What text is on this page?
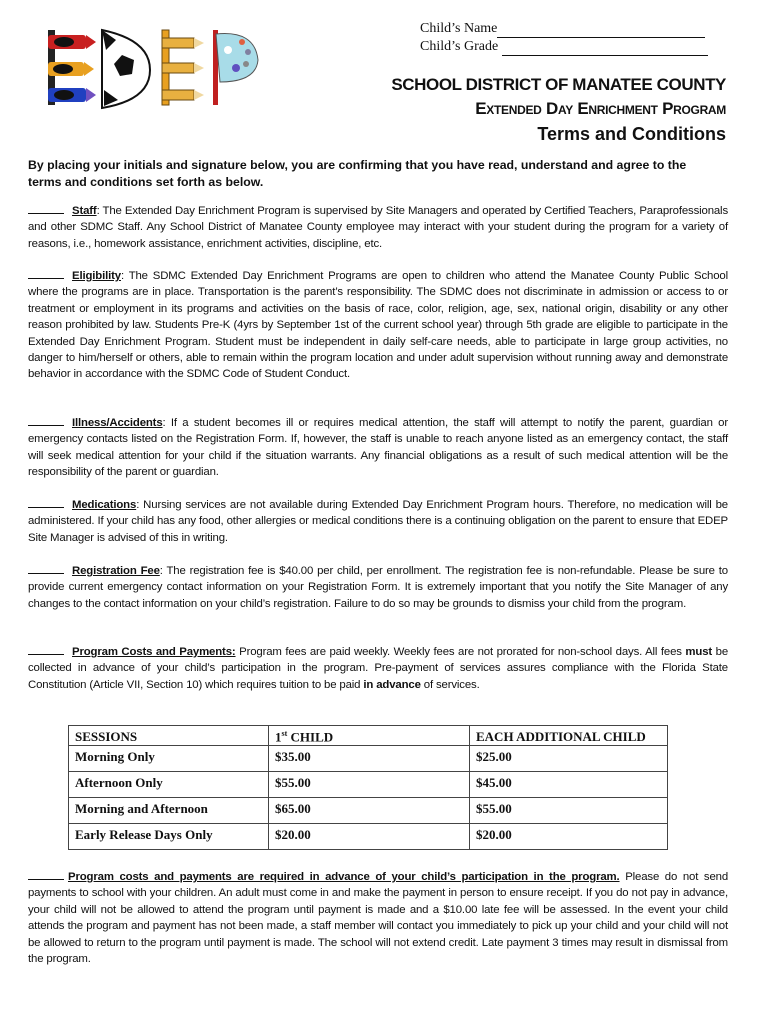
Child’s Name
Child’s Grade
SCHOOL DISTRICT OF MANATEE COUNTY
Extended Day Enrichment Program
Terms and Conditions
By placing your initials and signature below, you are confirming that you have read, understand and agree to the terms and conditions set forth as below.
Staff: The Extended Day Enrichment Program is supervised by Site Managers and operated by Certified Teachers, Paraprofessionals and other SDMC Staff. Any School District of Manatee County employee may interact with your student during the program for a variety of reasons, i.e., homework assistance, enrichment activities, discipline, etc.
Eligibility: The SDMC Extended Day Enrichment Programs are open to children who attend the Manatee County Public School where the programs are in place. Transportation is the parent’s responsibility. The SDMC does not discriminate in admission or access to or treatment or employment in its programs and activities on the basis of race, color, religion, age, sex, national origin, disability or any other reason prohibited by law. Students Pre-K (4yrs by September 1st of the current school year) through 5th grade are eligible to participate in the Extended Day Enrichment Program. Student must be independent in daily self-care needs, able to participate in large group activities, no danger to him/herself or others, able to remain within the program location and under adult supervision without running away and demonstrate behavior in accordance with the SDMC Code of Student Conduct.
Illness/Accidents: If a student becomes ill or requires medical attention, the staff will attempt to notify the parent, guardian or emergency contacts listed on the Registration Form. If, however, the staff is unable to reach anyone listed as an emergency contact, the staff will seek medical attention for your child if the situation warrants. Any financial obligations as a result of such medical attention will be the responsibility of the parent or guardian.
Medications: Nursing services are not available during Extended Day Enrichment Program hours. Therefore, no medication will be administered. If your child has any food, other allergies or medical conditions there is a continuing obligation on the parent to ensure that EDEP Site Manager is advised of this in writing.
Registration Fee: The registration fee is $40.00 per child, per enrollment. The registration fee is non-refundable. Please be sure to provide current emergency contact information on your Registration Form. It is extremely important that you notify the Site Manager of any changes to the contact information on your child’s registration. Failure to do so may be grounds to dismiss your child from the program.
Program Costs and Payments: Program fees are paid weekly. Weekly fees are not prorated for non-school days. All fees must be collected in advance of your child’s participation in the program. Pre-payment of services assures compliance with the Florida State Constitution (Article VII, Section 10) which requires tuition to be paid in advance of services.
SESSIONS	1st CHILD	EACH ADDITIONAL CHILD
Morning Only	$35.00	$25.00
Afternoon Only	$55.00	$45.00
Morning and Afternoon	$65.00	$55.00
Early Release Days Only	$20.00	$20.00
Program costs and payments are required in advance of your child’s participation in the program. Please do not send payments to school with your children. An adult must come in and make the payment in person to ensure receipt. If you do not pay in advance, your child will not be allowed to attend the program until payment is made and a $10.00 late fee will be assessed. In the event your child attends the program and payment has not been made, a staff member will contact you immediately to pick up your child and your child will not be allowed to return to the program until payment is made. The school will not extend credit. Late payment 3 times may result in dismissal from the program.
